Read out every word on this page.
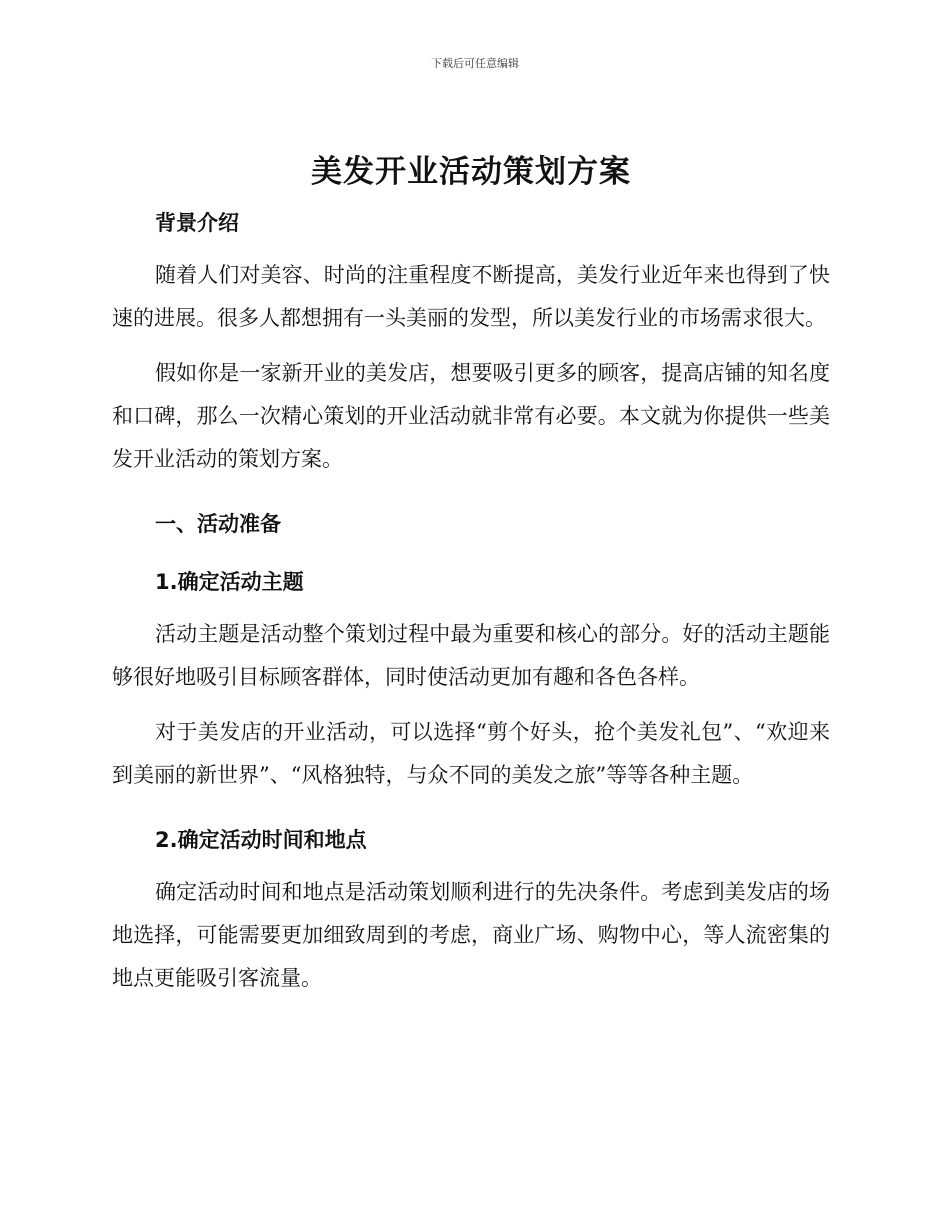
下载后可任意编辑
美发开业活动策划方案

背景介绍

随着人们对美容、时尚的注重程度不断提高，美发行业近年来也得到了快速的进展。很多人都想拥有一头美丽的发型，所以美发行业的市场需求很大。

假如你是一家新开业的美发店，想要吸引更多的顾客，提高店铺的知名度和口碑，那么一次精心策划的开业活动就非常有必要。本文就为你提供一些美发开业活动的策划方案。

一、活动准备

1.确定活动主题

活动主题是活动整个策划过程中最为重要和核心的部分。好的活动主题能够很好地吸引目标顾客群体，同时使活动更加有趣和各色各样。

对于美发店的开业活动，可以选择“剪个好头，抢个美发礼包”、“欢迎来到美丽的新世界”、“风格独特，与众不同的美发之旅”等等各种主题。

2.确定活动时间和地点

确定活动时间和地点是活动策划顺利进行的先决条件。考虑到美发店的场地选择，可能需要更加细致周到的考虑，商业广场、购物中心，等人流密集的地点更能吸引客流量。
